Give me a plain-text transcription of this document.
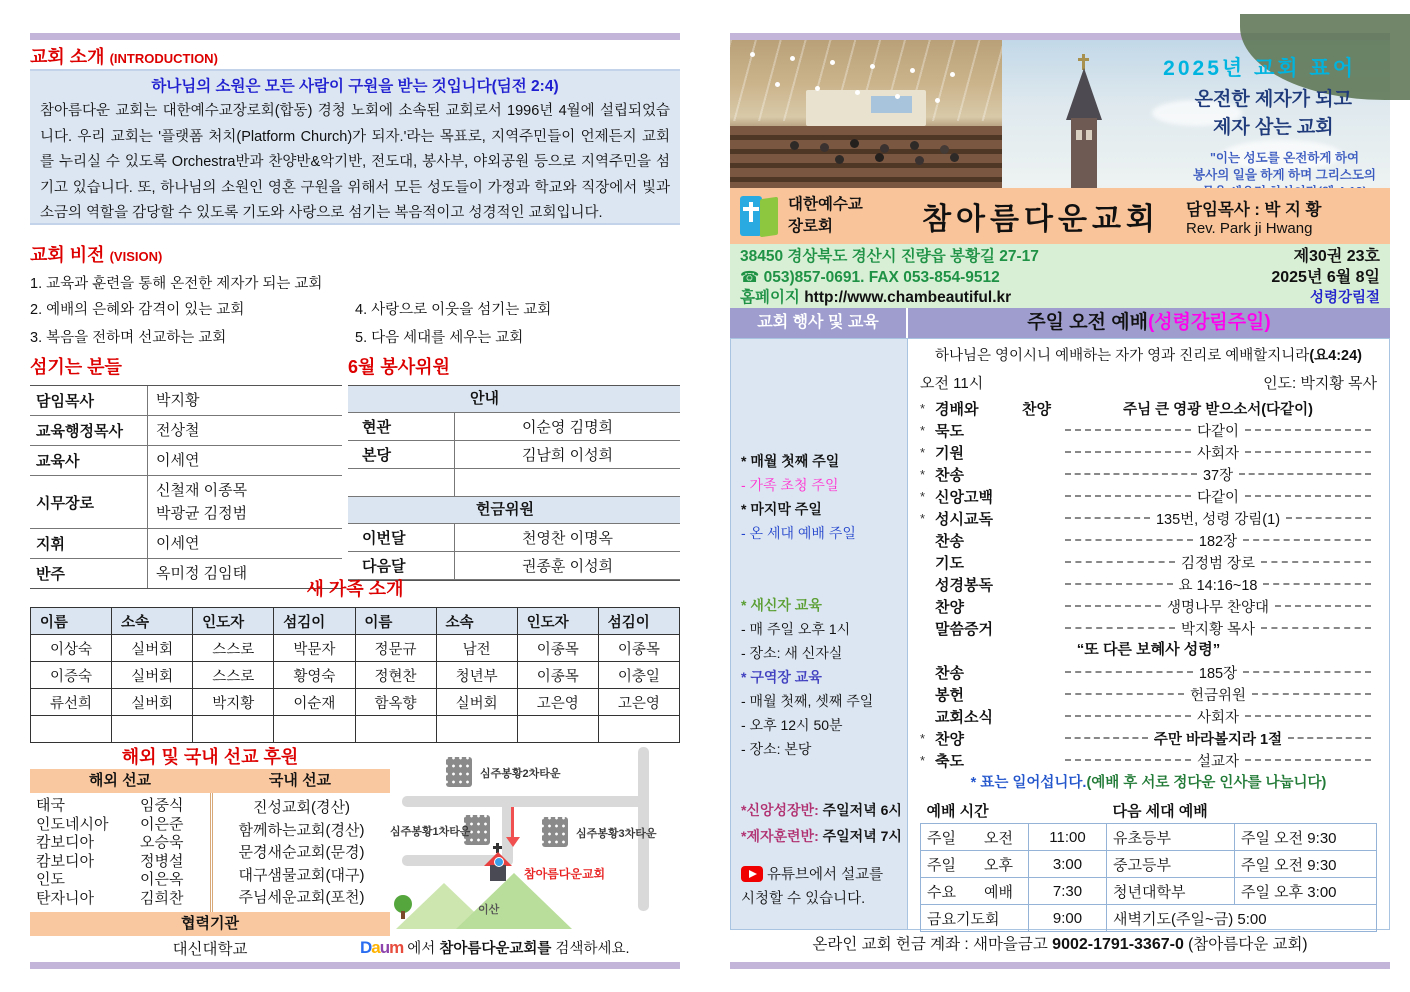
교회 소개 (INTRODUCTION)
하나님의 소원은 모든 사람이 구원을 받는 것입니다(딤전 2:4)
참아름다운 교회는 대한예수교장로회(합동) 경청 노회에 소속된 교회로서 1996년 4월에 설립되었습니다. 우리 교회는 '플랫폼 처치(Platform Church)가 되자.'라는 목표로, 지역주민들이 언제든지 교회를 누리실 수 있도록 Orchestra반과 찬양반&악기반, 전도대, 봉사부, 야외공원 등으로 지역주민을 섬기고 있습니다. 또, 하나님의 소원인 영혼 구원을 위해서 모든 성도들이 가정과 학교와 직장에서 빛과 소금의 역할을 감당할 수 있도록 기도와 사랑으로 섬기는 복음적이고 성경적인 교회입니다.
교회 비전 (VISION)
1. 교육과 훈련을 통해 온전한 제자가 되는 교회
2. 예배의 은혜와 감격이 있는 교회	4. 사랑으로 이웃을 섬기는 교회
3. 복음을 전하며 선교하는 교회	5. 다음 세대를 세우는 교회
섬기는 분들	6월 봉사위원
담임목사	박지황
교육행정목사	전상철
교육사	이세연
시무장로
신철재 이종목
박광균 김정범
지휘	이세연
반주	옥미정 김임태
안내
현관	이순영 김명희
본당	김남희 이성희
헌금위원
이번달	천영찬 이명옥
다음달	권종훈 이성희
새 가족 소개
이름	소속	인도자	섬김이	이름	소속	인도자	섬김이
이상숙	실버회	스스로	박문자	정문규	남전	이종목	이종목
이증숙	실버회	스스로	황영숙	정현찬	청년부	이종목	이충일
류선희	실버회	박지황	이순재	함옥향	실버회	고은영	고은영

해외 및 국내 선교 후원
해외 선교	국내 선교
태국	임중식
인도네시아	이은준
캄보디아	오승욱
캄보디아	정병설
인도	이은옥
탄자니아	김희찬
진성교회(경산)
함께하는교회(경산)
문경새순교회(문경)
대구샘물교회(대구)
주님세운교회(포천)
협력기관
대신대학교
심주봉황2차타운
심주봉황1차타운	심주봉황3차타운
참아름다운교회
이산
Daum 에서 참아름다운교회를 검색하세요.
2025년 교회 표어
온전한 제자가 되고
제자 삼는 교회
"이는 성도를 온전하게 하여
봉사의 일을 하게 하며 그리스도의
대한예수교
장로회	참아름다운교회	담임목사 : 박 지 황
Rev. Park ji Hwang
38450 경상북도 경산시 진량읍 봉황길 27-17
☎ 053)857-0691. FAX 053-854-9512
홈페이지 http://www.chambeautiful.kr
제30권 23호
2025년 6월 8일
성령강림절
교회 행사 및 교육	주일 오전 예배(성령강림주일)
* 매월 첫째 주일
- 가족 초청 주일
* 마지막 주일
- 온 세대 예배 주일
* 새신자 교육
- 매 주일 오후 1시
- 장소: 새 신자실
* 구역장 교육
- 매월 첫째, 셋째 주일
- 오후 12시 50분
- 장소: 본당
*신앙성장반: 주일저녁 6시
*제자훈련반: 주일저녁 7시
유튜브에서 설교를
시청할 수 있습니다.
하나님은 영이시니 예배하는 자가 영과 진리로 예배할지니라(요4:24)
오전 11시	인도: 박지황 목사
* 경배와 찬양	주님 큰 영광 받으소서(다같이)
* 묵도	다같이
* 기원	사회자
* 찬송	37장
* 신앙고백	다같이
* 성시교독	135번, 성령 강림(1)
찬송	182장
기도	김정범 장로
성경봉독	요 14:16~18
찬양	생명나무 찬양대
말씀증거	박지황 목사
“또 다른 보혜사 성령”
찬송	185장
봉헌	헌금위원
교회소식	사회자
* 찬양	주만 바라볼지라 1절
* 축도	설교자
* 표는 일어섭니다.(예배 후 서로 정다운 인사를 나눕니다)
예배 시간		다음 세대 예배	
주일 오전	11:00	유초등부	주일 오전 9:30
주일 오후	3:00	중고등부	주일 오전 9:30
수요 예배	7:30	청년대학부	주일 오후 3:00
금요기도회	9:00	새벽기도(주일~금) 5:00	
온라인 교회 헌금 계좌 : 새마을금고 9002-1791-3367-0 (참아름다운 교회)
